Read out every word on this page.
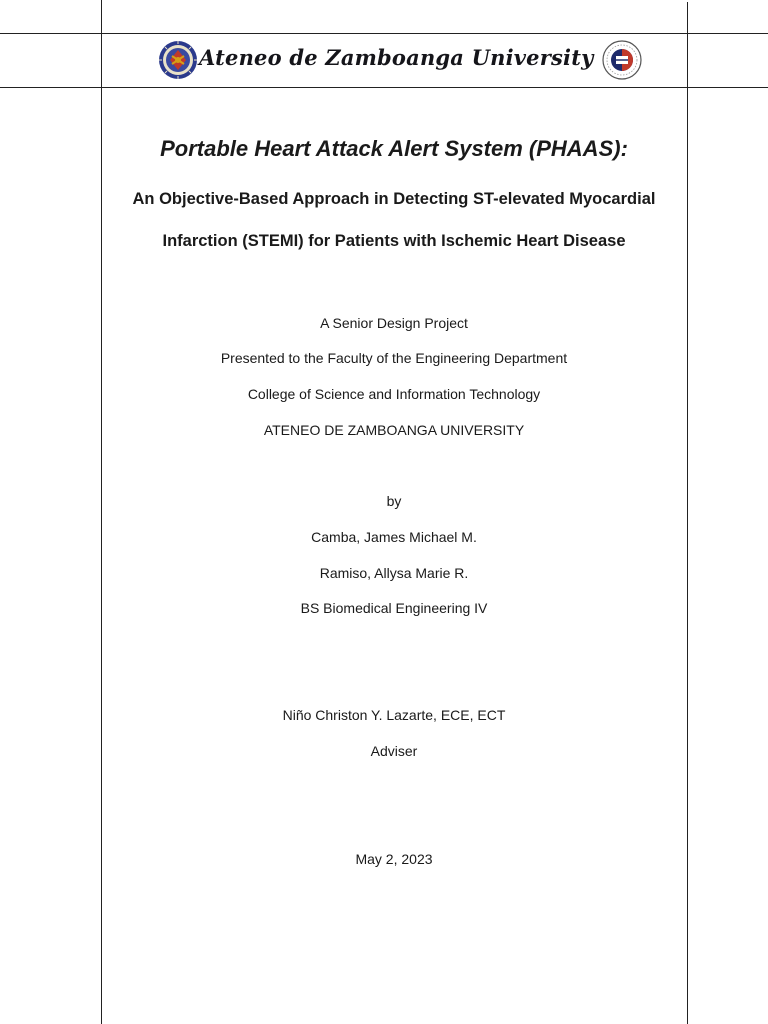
Ateneo de Zamboanga University
Portable Heart Attack Alert System (PHAAS):
An Objective-Based Approach in Detecting ST-elevated Myocardial
Infarction (STEMI) for Patients with Ischemic Heart Disease
A Senior Design Project
Presented to the Faculty of the Engineering Department
College of Science and Information Technology
ATENEO DE ZAMBOANGA UNIVERSITY
by
Camba, James Michael M.
Ramiso, Allysa Marie R.
BS Biomedical Engineering IV
Niño Christon Y. Lazarte, ECE, ECT
Adviser
May 2, 2023
